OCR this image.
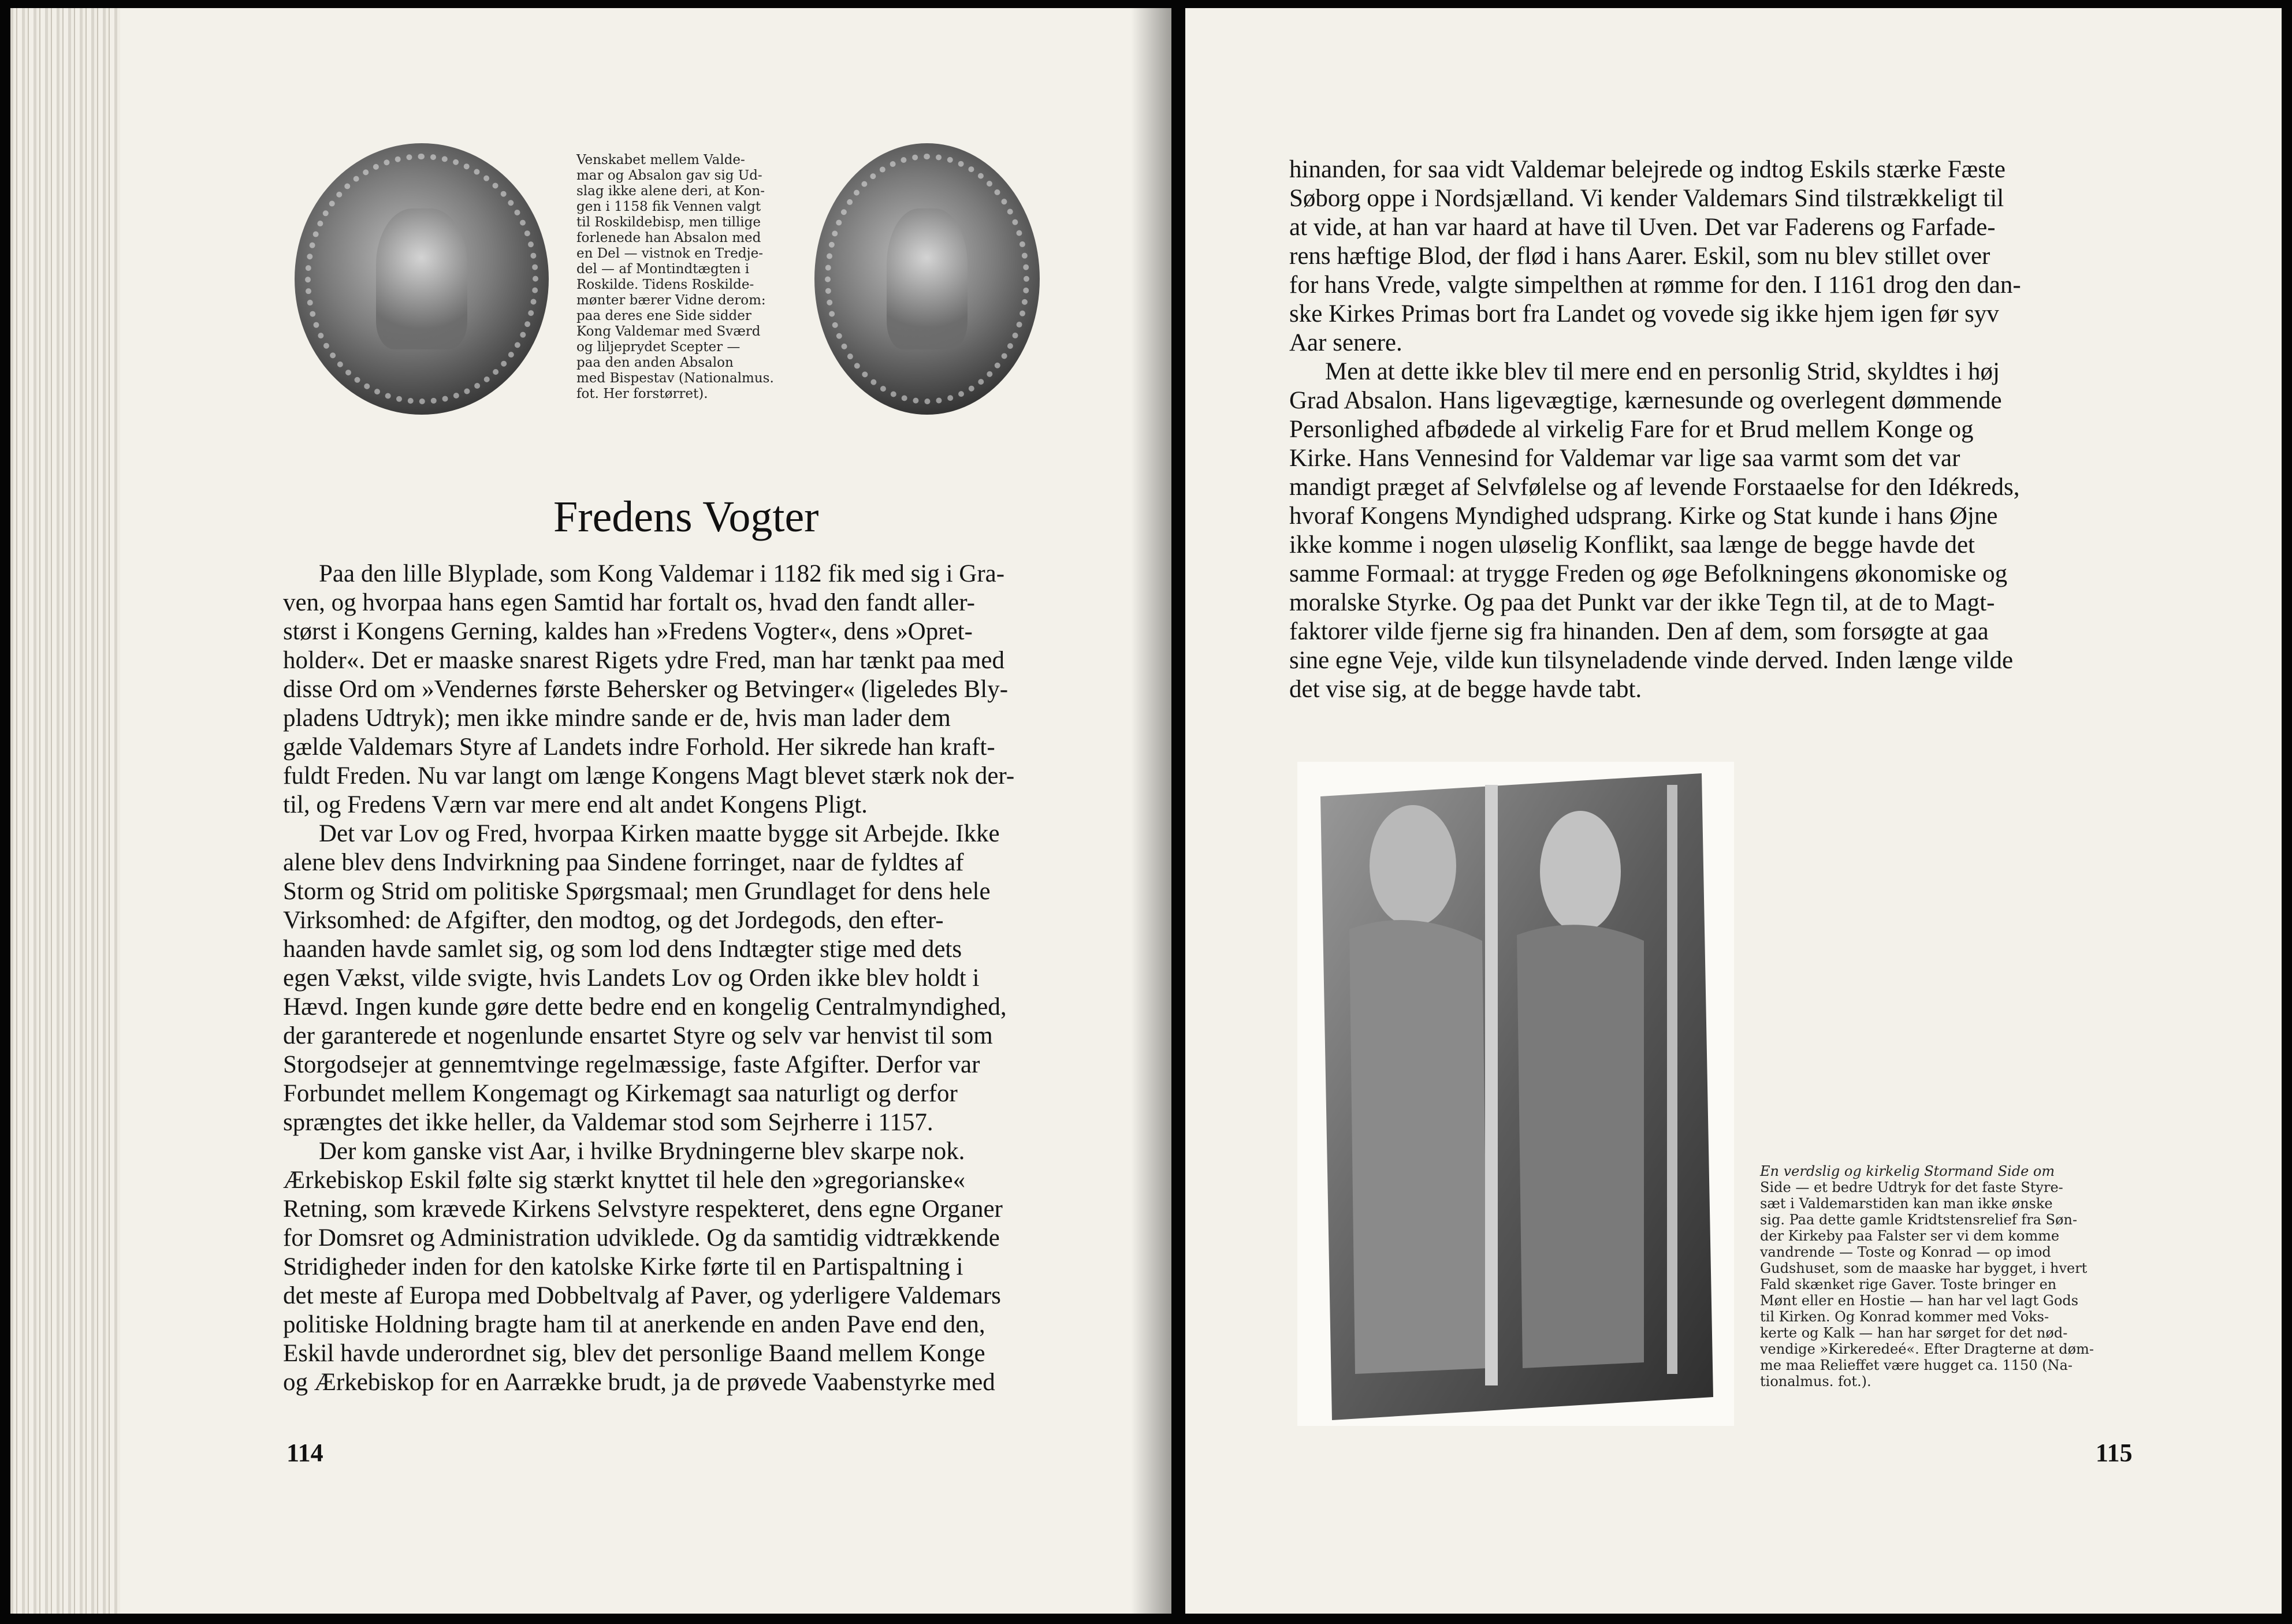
Venskabet mellem Valde-
mar og Absalon gav sig Ud-
slag ikke alene deri, at Kon-
gen i 1158 fik Vennen valgt
til Roskildebisp, men tillige
forlenede han Absalon med
en Del — vistnok en Tredje-
del — af Montindtægten i
Roskilde. Tidens Roskilde-
mønter bærer Vidne derom:
paa deres ene Side sidder
Kong Valdemar med Sværd
og liljeprydet Scepter —
paa den anden Absalon
med Bispestav (Nationalmus.
fot. Her forstørret).
Fredens Vogter
Paa den lille Blyplade, som Kong Valdemar i 1182 fik med sig i Gra-
ven, og hvorpaa hans egen Samtid har fortalt os, hvad den fandt aller-
størst i Kongens Gerning, kaldes han »Fredens Vogter«, dens »Opret-
holder«. Det er maaske snarest Rigets ydre Fred, man har tænkt paa med
disse Ord om »Vendernes første Behersker og Betvinger« (ligeledes Bly-
pladens Udtryk); men ikke mindre sande er de, hvis man lader dem
gælde Valdemars Styre af Landets indre Forhold. Her sikrede han kraft-
fuldt Freden. Nu var langt om længe Kongens Magt blevet stærk nok der-
til, og Fredens Værn var mere end alt andet Kongens Pligt.
Det var Lov og Fred, hvorpaa Kirken maatte bygge sit Arbejde. Ikke
alene blev dens Indvirkning paa Sindene forringet, naar de fyldtes af
Storm og Strid om politiske Spørgsmaal; men Grundlaget for dens hele
Virksomhed: de Afgifter, den modtog, og det Jordegods, den efter-
haanden havde samlet sig, og som lod dens Indtægter stige med dets
egen Vækst, vilde svigte, hvis Landets Lov og Orden ikke blev holdt i
Hævd. Ingen kunde gøre dette bedre end en kongelig Centralmyndighed,
der garanterede et nogenlunde ensartet Styre og selv var henvist til som
Storgodsejer at gennemtvinge regelmæssige, faste Afgifter. Derfor var
Forbundet mellem Kongemagt og Kirkemagt saa naturligt og derfor
sprængtes det ikke heller, da Valdemar stod som Sejrherre i 1157.
Der kom ganske vist Aar, i hvilke Brydningerne blev skarpe nok.
Ærkebiskop Eskil følte sig stærkt knyttet til hele den »gregorianske«
Retning, som krævede Kirkens Selvstyre respekteret, dens egne Organer
for Domsret og Administration udviklede. Og da samtidig vidtrækkende
Stridigheder inden for den katolske Kirke førte til en Partispaltning i
det meste af Europa med Dobbeltvalg af Paver, og yderligere Valdemars
politiske Holdning bragte ham til at anerkende en anden Pave end den,
Eskil havde underordnet sig, blev det personlige Baand mellem Konge
og Ærkebiskop for en Aarrække brudt, ja de prøvede Vaabenstyrke med
114
hinanden, for saa vidt Valdemar belejrede og indtog Eskils stærke Fæste
Søborg oppe i Nordsjælland. Vi kender Valdemars Sind tilstrækkeligt til
at vide, at han var haard at have til Uven. Det var Faderens og Farfade-
rens hæftige Blod, der flød i hans Aarer. Eskil, som nu blev stillet over
for hans Vrede, valgte simpelthen at rømme for den. I 1161 drog den dan-
ske Kirkes Primas bort fra Landet og vovede sig ikke hjem igen før syv
Aar senere.
Men at dette ikke blev til mere end en personlig Strid, skyldtes i høj
Grad Absalon. Hans ligevægtige, kærnesunde og overlegent dømmende
Personlighed afbødede al virkelig Fare for et Brud mellem Konge og
Kirke. Hans Vennesind for Valdemar var lige saa varmt som det var
mandigt præget af Selvfølelse og af levende Forstaaelse for den Idékreds,
hvoraf Kongens Myndighed udsprang. Kirke og Stat kunde i hans Øjne
ikke komme i nogen uløselig Konflikt, saa længe de begge havde det
samme Formaal: at trygge Freden og øge Befolkningens økonomiske og
moralske Styrke. Og paa det Punkt var der ikke Tegn til, at de to Magt-
faktorer vilde fjerne sig fra hinanden. Den af dem, som forsøgte at gaa
sine egne Veje, vilde kun tilsyneladende vinde derved. Inden længe vilde
det vise sig, at de begge havde tabt.
En verdslig og kirkelig Stormand Side om
Side — et bedre Udtryk for det faste Styre-
sæt i Valdemarstiden kan man ikke ønske
sig. Paa dette gamle Kridtstensrelief fra Søn-
der Kirkeby paa Falster ser vi dem komme
vandrende — Toste og Konrad — op imod
Gudshuset, som de maaske har bygget, i hvert
Fald skænket rige Gaver. Toste bringer en
Mønt eller en Hostie — han har vel lagt Gods
til Kirken. Og Konrad kommer med Voks-
kerte og Kalk — han har sørget for det nød-
vendige »Kirkeredeé«. Efter Dragterne at døm-
me maa Relieffet være hugget ca. 1150 (Na-
tionalmus. fot.).
115
